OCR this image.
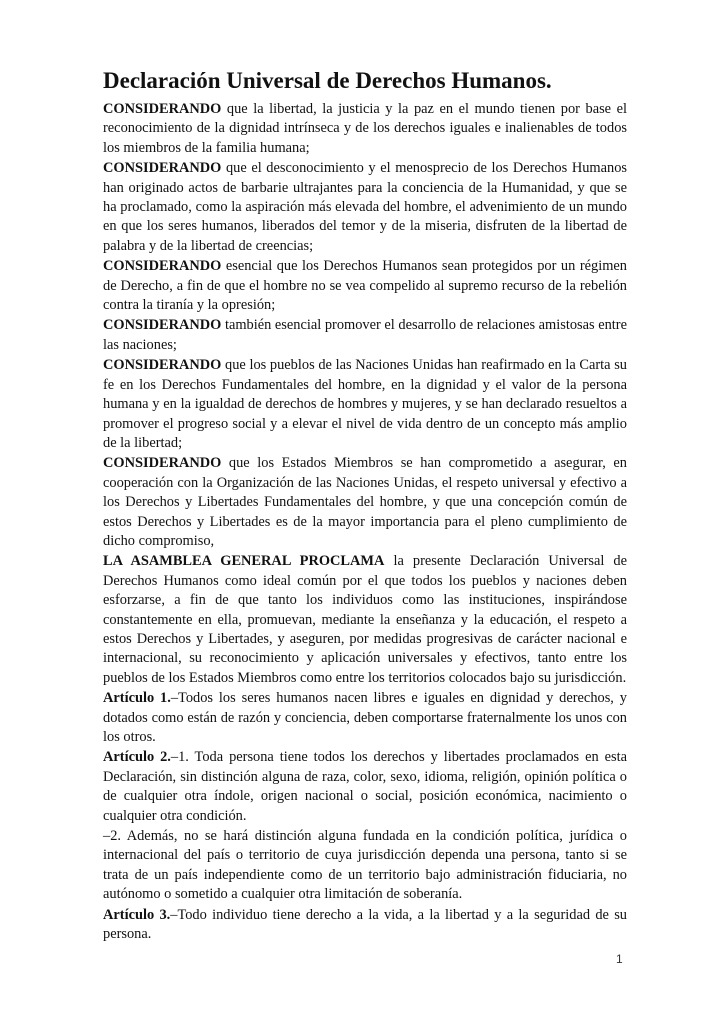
Declaración Universal de Derechos Humanos.

CONSIDERANDO que la libertad, la justicia y la paz en el mundo tienen por base el reconocimiento de la dignidad intrínseca y de los derechos iguales e inalienables de todos los miembros de la familia humana;

CONSIDERANDO que el desconocimiento y el menosprecio de los Derechos Humanos han originado actos de barbarie ultrajantes para la conciencia de la Humanidad, y que se ha proclamado, como la aspiración más elevada del hombre, el advenimiento de un mundo en que los seres humanos, liberados del temor y de la miseria, disfruten de la libertad de palabra y de la libertad de creencias;

CONSIDERANDO esencial que los Derechos Humanos sean protegidos por un régimen de Derecho, a fin de que el hombre no se vea compelido al supremo recurso de la rebelión contra la tiranía y la opresión;

CONSIDERANDO también esencial promover el desarrollo de relaciones amistosas entre las naciones;

CONSIDERANDO que los pueblos de las Naciones Unidas han reafirmado en la Carta su fe en los Derechos Fundamentales del hombre, en la dignidad y el valor de la persona humana y en la igualdad de derechos de hombres y mujeres, y se han declarado resueltos a promover el progreso social y a elevar el nivel de vida dentro de un concepto más amplio de la libertad;

CONSIDERANDO que los Estados Miembros se han comprometido a asegurar, en cooperación con la Organización de las Naciones Unidas, el respeto universal y efectivo a los Derechos y Libertades Fundamentales del hombre, y que una concepción común de estos Derechos y Libertades es de la mayor importancia para el pleno cumplimiento de dicho compromiso,

LA ASAMBLEA GENERAL PROCLAMA la presente Declaración Universal de Derechos Humanos como ideal común por el que todos los pueblos y naciones deben esforzarse, a fin de que tanto los individuos como las instituciones, inspirándose constantemente en ella, promuevan, mediante la enseñanza y la educación, el respeto a estos Derechos y Libertades, y aseguren, por medidas progresivas de carácter nacional e internacional, su reconocimiento y aplicación universales y efectivos, tanto entre los pueblos de los Estados Miembros como entre los territorios colocados bajo su jurisdicción.

Artículo 1.–Todos los seres humanos nacen libres e iguales en dignidad y derechos, y dotados como están de razón y conciencia, deben comportarse fraternalmente los unos con los otros.

Artículo 2.–1. Toda persona tiene todos los derechos y libertades proclamados en esta Declaración, sin distinción alguna de raza, color, sexo, idioma, religión, opinión política o de cualquier otra índole, origen nacional o social, posición económica, nacimiento o cualquier otra condición.

–2. Además, no se hará distinción alguna fundada en la condición política, jurídica o internacional del país o territorio de cuya jurisdicción dependa una persona, tanto si se trata de un país independiente como de un territorio bajo administración fiduciaria, no autónomo o sometido a cualquier otra limitación de soberanía.

Artículo 3.–Todo individuo tiene derecho a la vida, a la libertad y a la seguridad de su persona.

1
